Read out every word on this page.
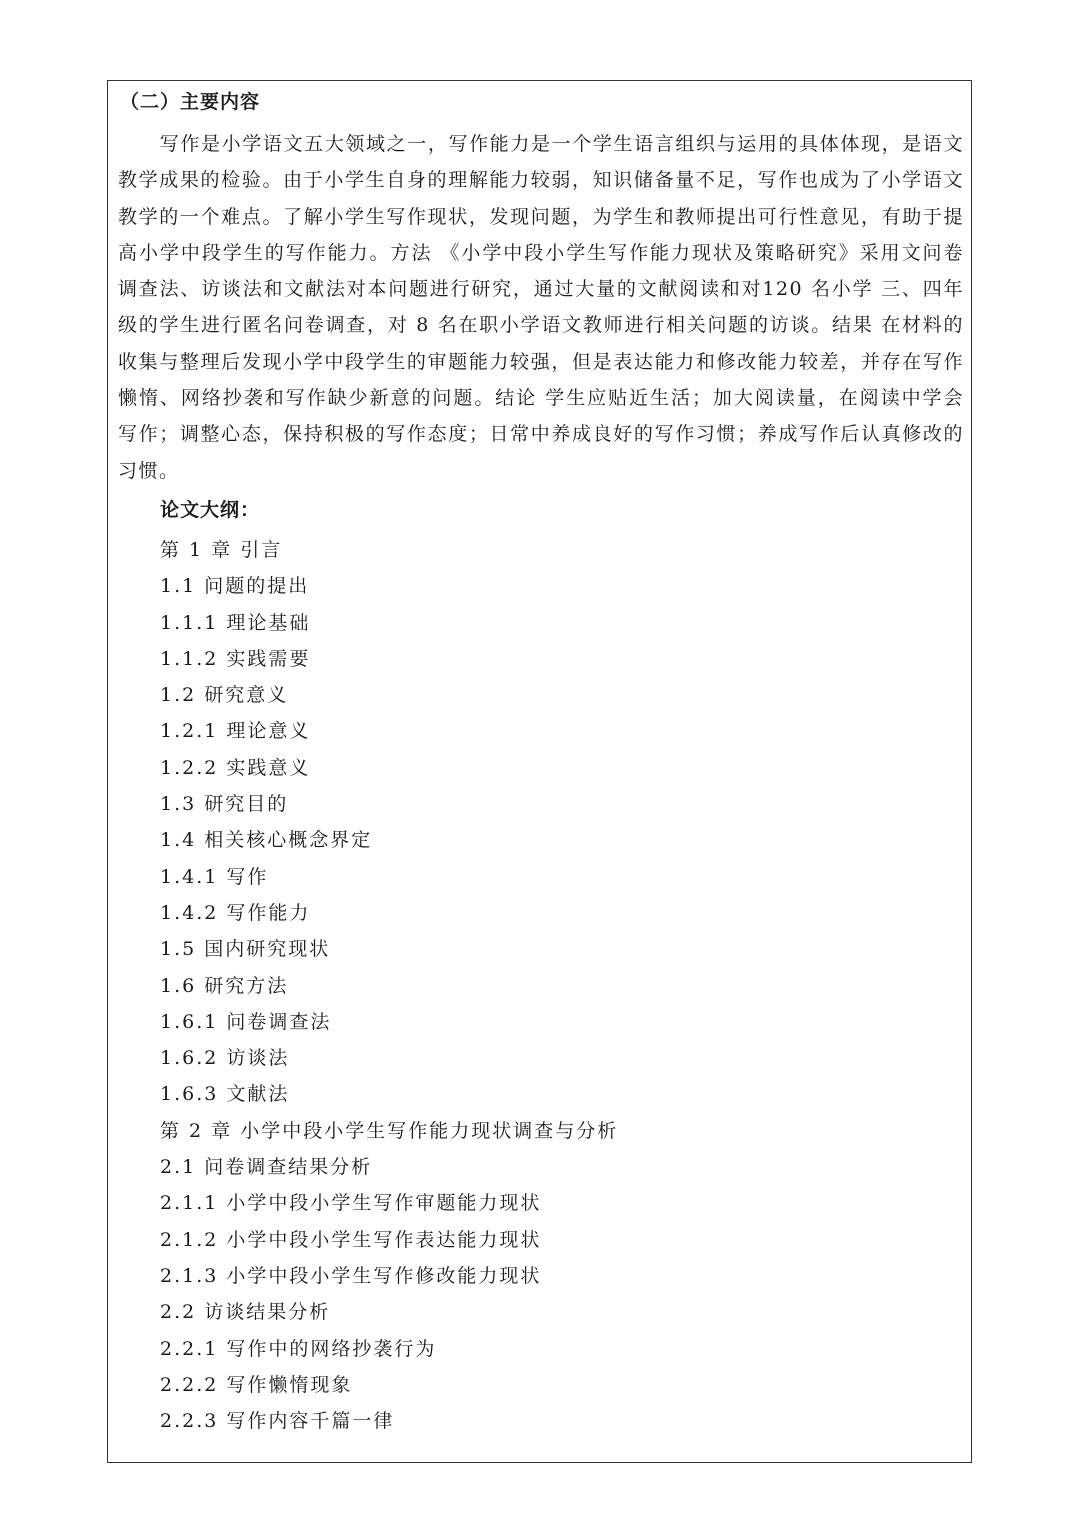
（二）主要内容

写作是小学语文五大领域之一，写作能力是一个学生语言组织与运用的具体体现，是语文教学成果的检验。由于小学生自身的理解能力较弱，知识储备量不足，写作也成为了小学语文教学的一个难点。了解小学生写作现状，发现问题，为学生和教师提出可行性意见，有助于提高小学中段学生的写作能力。方法 《小学中段小学生写作能力现状及策略研究》采用文问卷调查法、访谈法和文献法对本问题进行研究，通过大量的文献阅读和对120 名小学 三、四年级的学生进行匿名问卷调查，对 8 名在职小学语文教师进行相关问题的访谈。结果 在材料的收集与整理后发现小学中段学生的审题能力较强，但是表达能力和修改能力较差，并存在写作懒惰、网络抄袭和写作缺少新意的问题。结论 学生应贴近生活；加大阅读量，在阅读中学会写作；调整心态，保持积极的写作态度；日常中养成良好的写作习惯；养成写作后认真修改的习惯。

论文大纲：
第 1 章 引言
1.1 问题的提出
1.1.1 理论基础
1.1.2 实践需要
1.2 研究意义
1.2.1 理论意义
1.2.2 实践意义
1.3 研究目的
1.4 相关核心概念界定
1.4.1 写作
1.4.2 写作能力
1.5 国内研究现状
1.6 研究方法
1.6.1 问卷调查法
1.6.2 访谈法
1.6.3 文献法
第 2 章 小学中段小学生写作能力现状调查与分析
2.1 问卷调查结果分析
2.1.1 小学中段小学生写作审题能力现状
2.1.2 小学中段小学生写作表达能力现状
2.1.3 小学中段小学生写作修改能力现状
2.2 访谈结果分析
2.2.1 写作中的网络抄袭行为
2.2.2 写作懒惰现象
2.2.3 写作内容千篇一律
